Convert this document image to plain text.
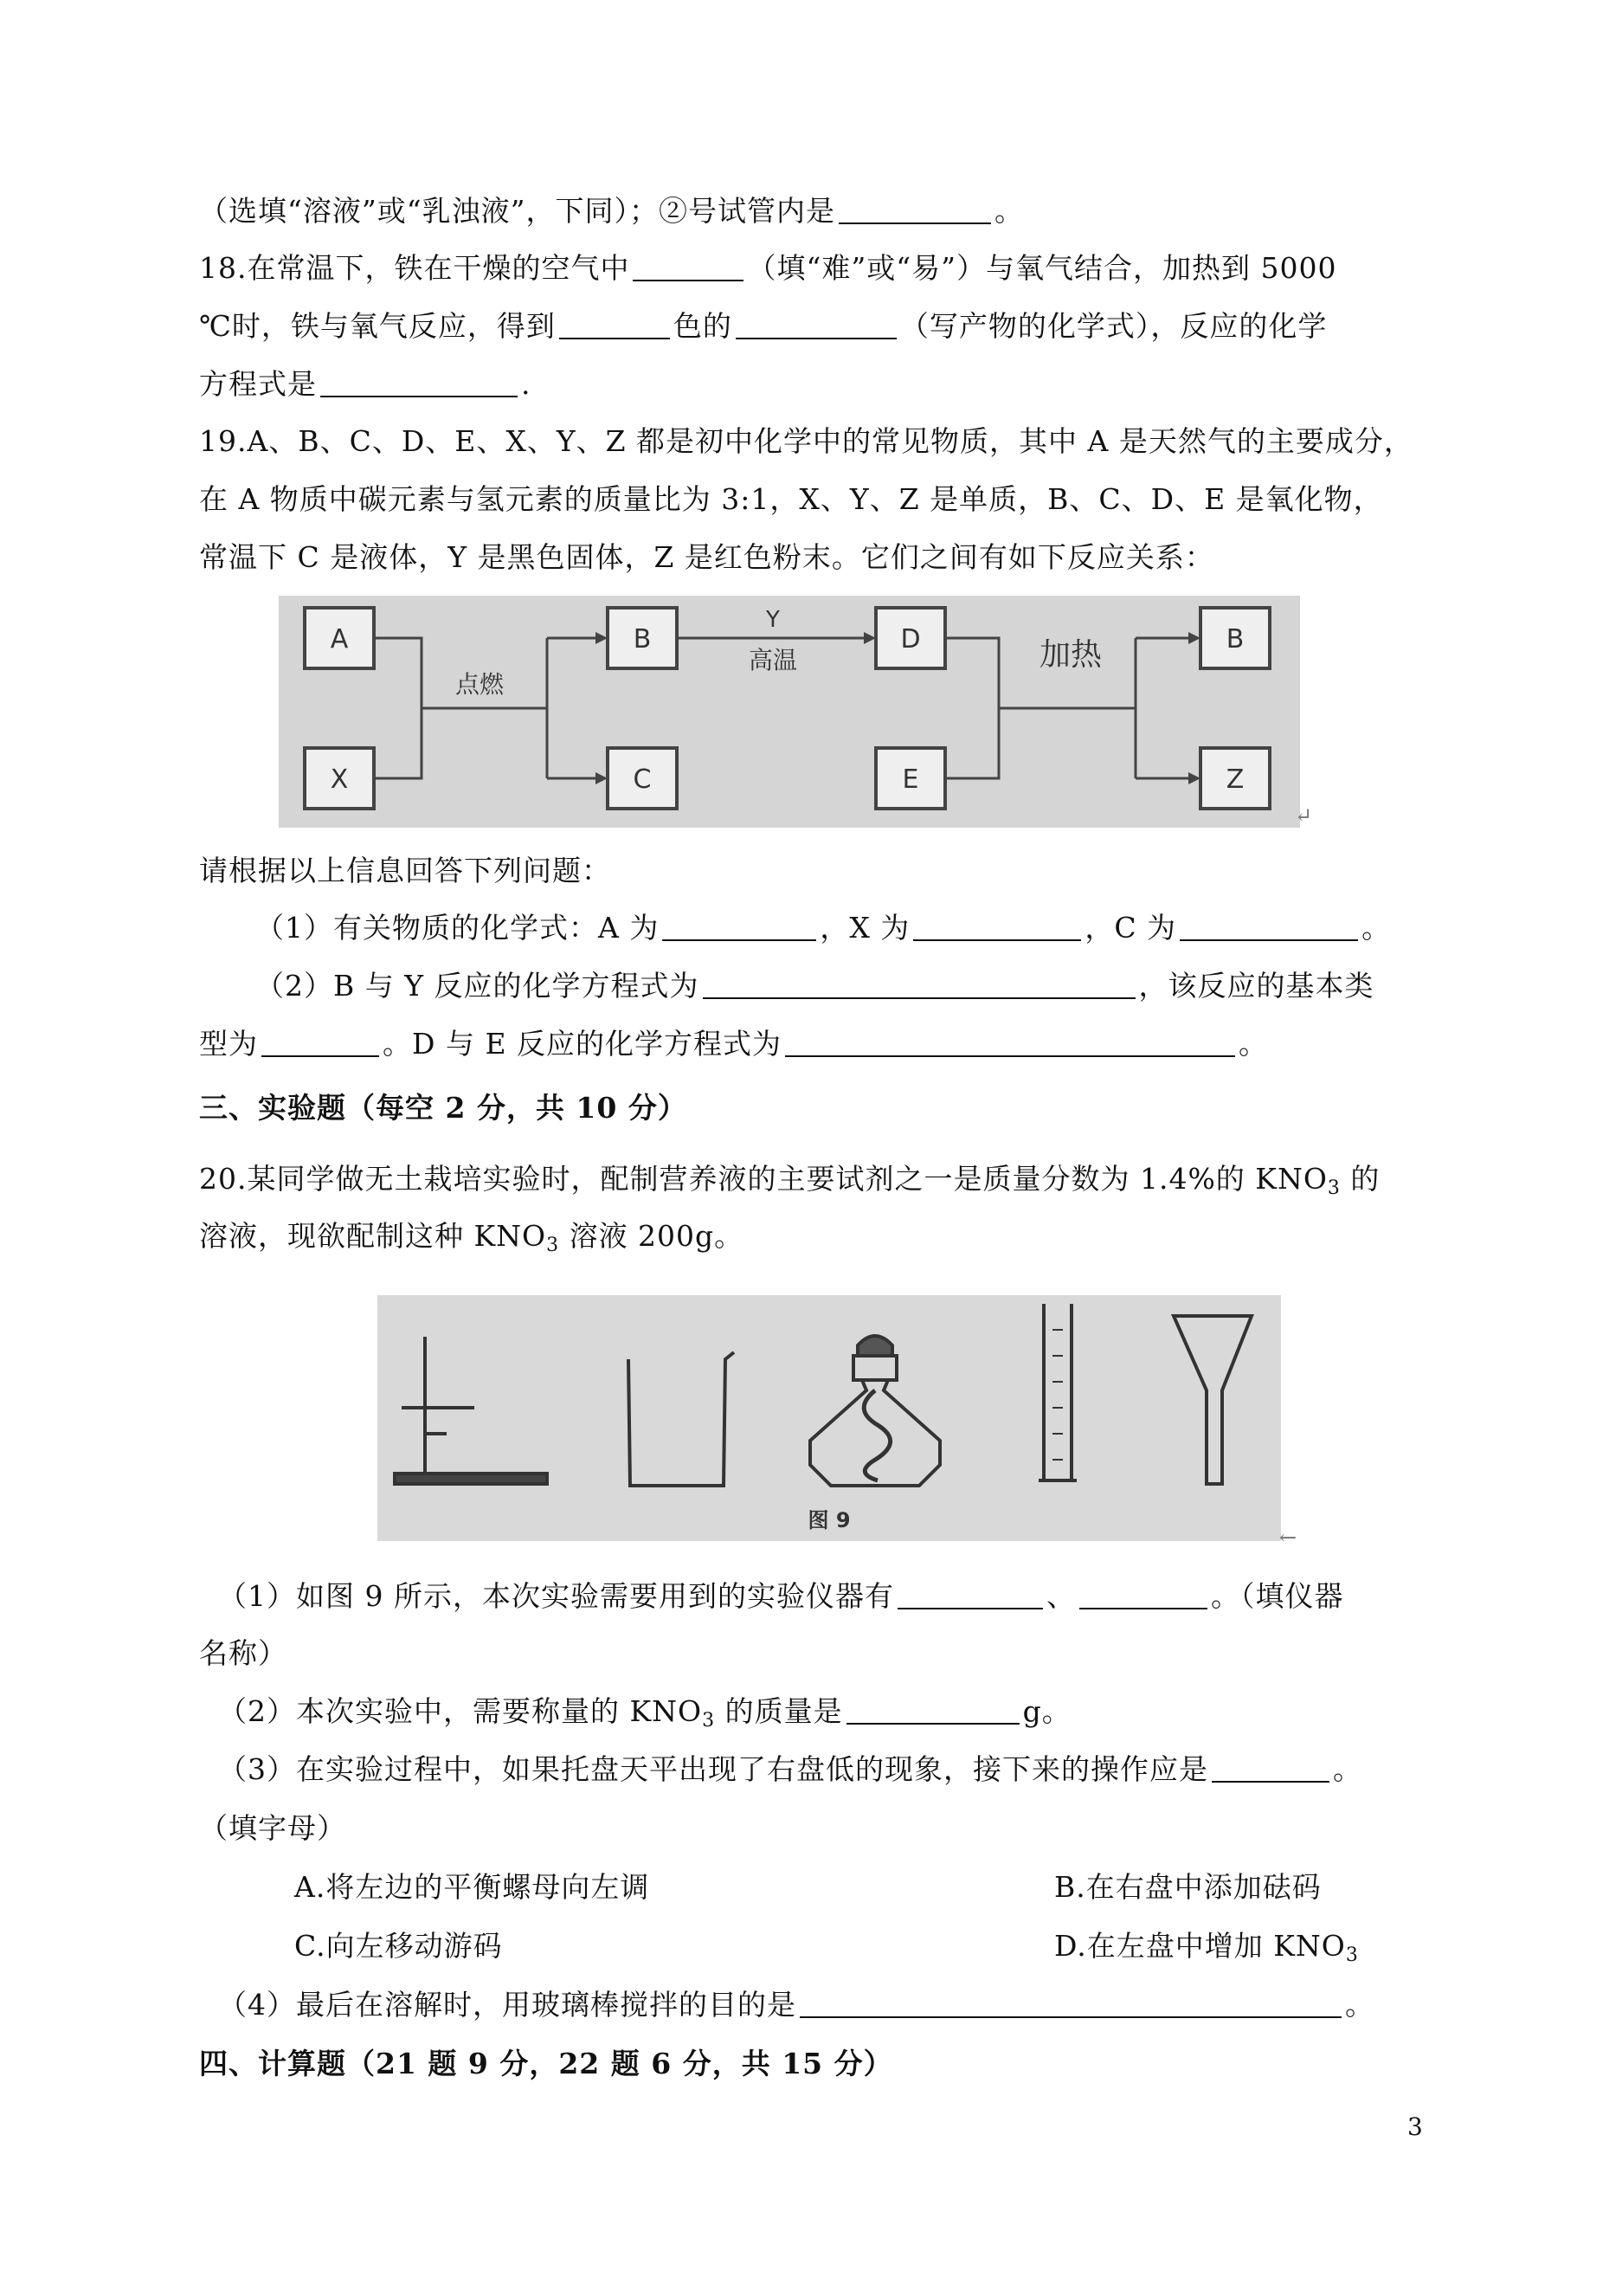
（选填“溶液”或“乳浊液”，下同）；②号试管内是	。
18.在常温下，铁在干燥的空气中	（填“难”或“易”）与氧气结合，加热到 5000
℃时，铁与氧气反应，得到	色的	（写产物的化学式），反应的化学
方程式是	.
19.A、B、C、D、E、X、Y、Z 都是初中化学中的常见物质，其中 A 是天然气的主要成分，
在 A 物质中碳元素与氢元素的质量比为 3:1，X、Y、Z 是单质，B、C、D、E 是氧化物，
常温下 C 是液体，Y 是黑色固体，Z 是红色粉末。它们之间有如下反应关系：
A
X
B
C
D
E
B
Z
点燃
Y
高温	加热
↵
请根据以上信息回答下列问题：
（1）有关物质的化学式：A 为	，X 为	，C 为	。
（2）B 与 Y 反应的化学方程式为	，该反应的基本类
型为	。D 与 E 反应的化学方程式为	。
三、实验题（每空 2 分，共 10 分）
20.某同学做无土栽培实验时，配制营养液的主要试剂之一是质量分数为 1.4%的 $KNO_3$ 的
溶液，现欲配制这种 $KNO_3$ 溶液 200g。
图 9
←
（1）如图 9 所示，本次实验需要用到的实验仪器有	、	。（填仪器
名称）
（2）本次实验中，需要称量的 $KNO_3$ 的质量是	g。
（3）在实验过程中，如果托盘天平出现了右盘低的现象，接下来的操作应是	。
（填字母）
A.将左边的平衡螺母向左调	B.在右盘中添加砝码
C.向左移动游码	D.在左盘中增加 $KNO_3$
（4）最后在溶解时，用玻璃棒搅拌的目的是	。
四、计算题（21 题 9 分，22 题 6 分，共 15 分）
3
